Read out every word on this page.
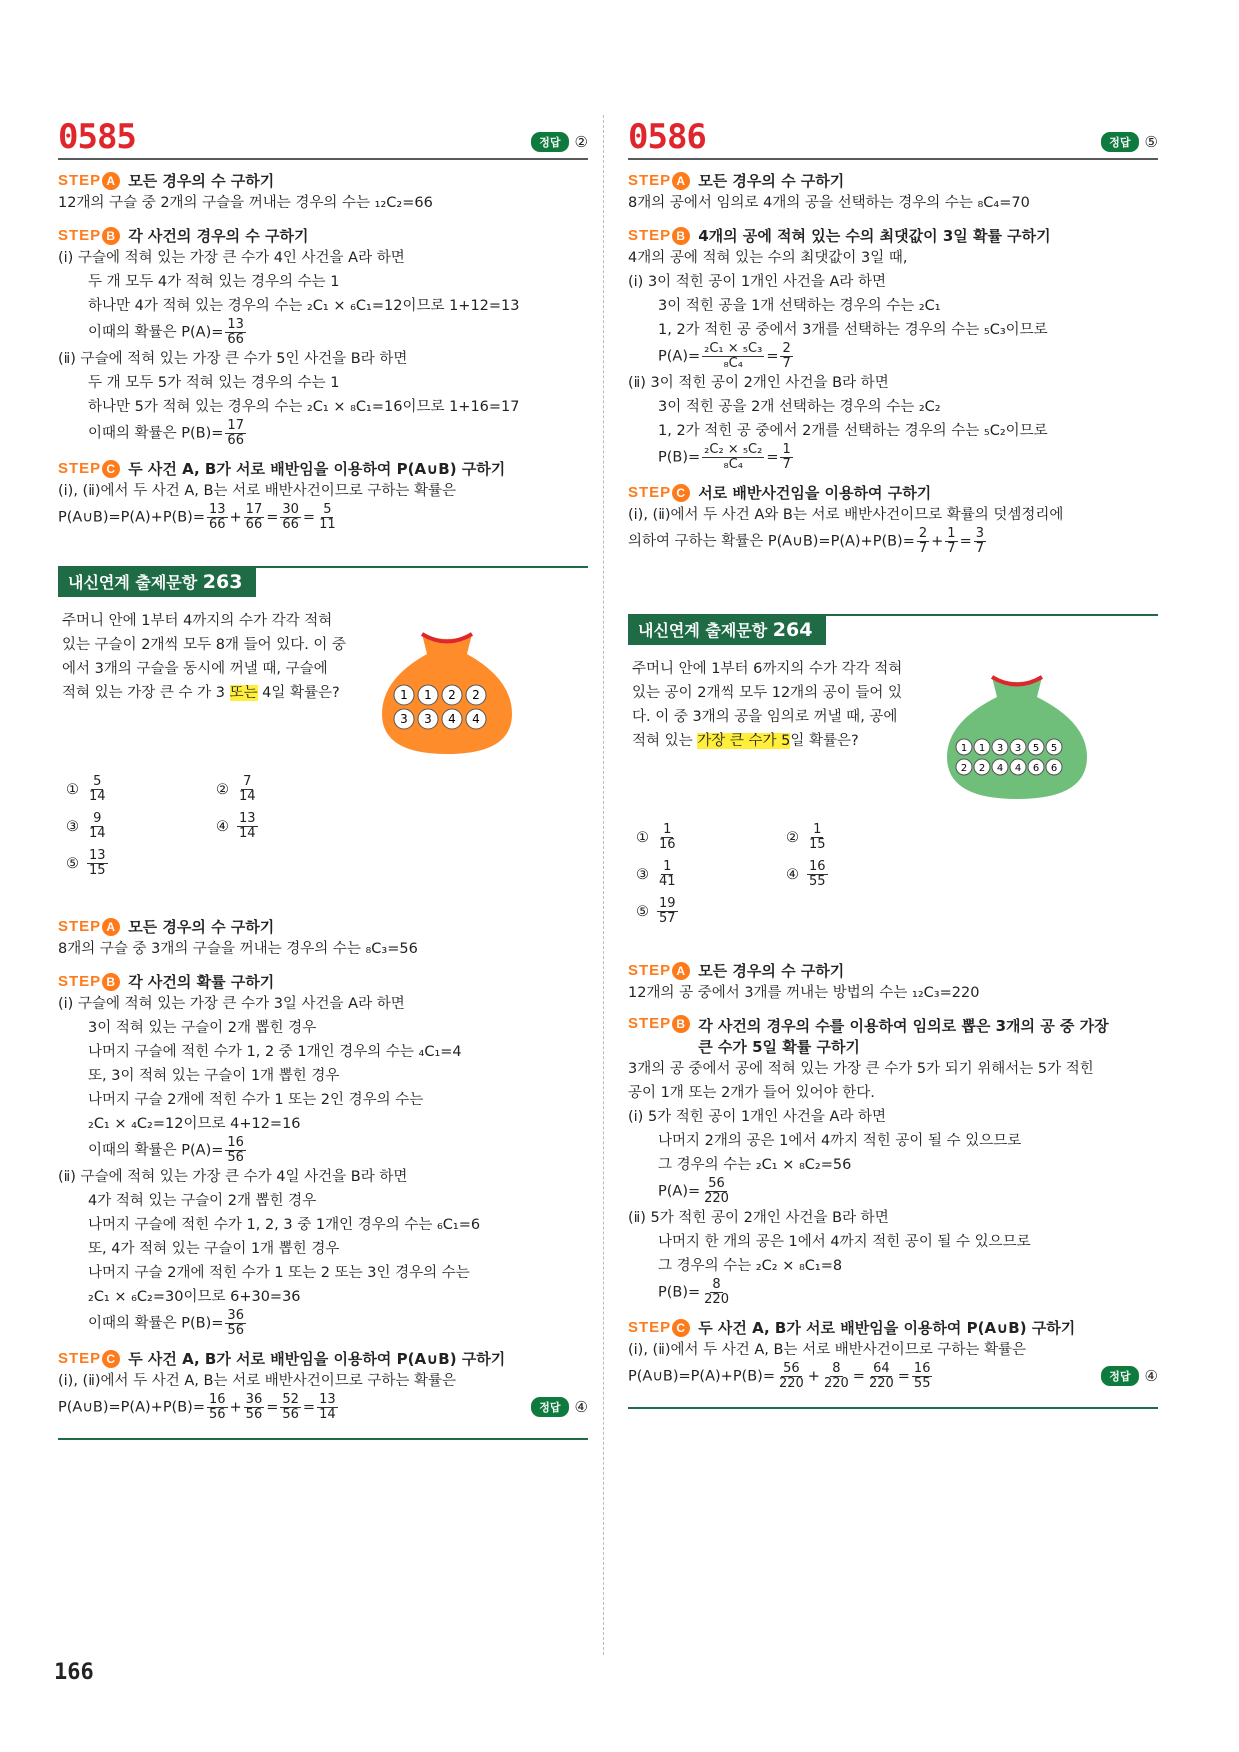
0585	정답 ②
STEP A 모든 경우의 수 구하기

12개의 구슬 중 2개의 구슬을 꺼내는 경우의 수는 ₁₂C₂=66

STEP B 각 사건의 경우의 수 구하기

(ⅰ) 구슬에 적혀 있는 가장 큰 수가 4인 사건을 A라 하면

두 개 모두 4가 적혀 있는 경우의 수는 1

하나만 4가 적혀 있는 경우의 수는 ₂C₁ × ₆C₁=12이므로 1+12=13

이때의 확률은 $P(A)= \frac{13}{66}$

(ⅱ) 구슬에 적혀 있는 가장 큰 수가 5인 사건을 B라 하면

두 개 모두 5가 적혀 있는 경우의 수는 1

하나만 5가 적혀 있는 경우의 수는 ₂C₁ × ₈C₁=16이므로 1+16=17

이때의 확률은 $P(B)= \frac{17}{66}$

STEP C 두 사건 A, B가 서로 배반임을 이용하여 P(A∪B) 구하기

(ⅰ), (ⅱ)에서 두 사건 A, B는 서로 배반사건이므로 구하는 확률은

P(A∪B)=P(A)+P(B)= $\frac{13}{66} + \frac{17}{66} = \frac{30}{66} = \frac{5}{11}$

내신연계 출제문항 263
주머니 안에 1부터 4까지의 수가 각각 적혀
있는 구슬이 2개씩 모두 8개 들어 있다. 이 중
에서 3개의 구슬을 동시에 꺼낼 때, 구슬에
적혀 있는 가장 큰 수 가 3 또는 4일 확률은?	1 1 2 2
3 3 4 4
① $\frac{5}{14}$	② $\frac{7}{14}$
③ $\frac{9}{14}$	④ $\frac{13}{14}$
⑤ $\frac{13}{15}$
STEP A 모든 경우의 수 구하기

8개의 구슬 중 3개의 구슬을 꺼내는 경우의 수는 ₈C₃=56

STEP B 각 사건의 확률 구하기

(ⅰ) 구슬에 적혀 있는 가장 큰 수가 3일 사건을 A라 하면

3이 적혀 있는 구슬이 2개 뽑힌 경우

나머지 구슬에 적힌 수가 1, 2 중 1개인 경우의 수는 ₄C₁=4

또, 3이 적혀 있는 구슬이 1개 뽑힌 경우

나머지 구슬 2개에 적힌 수가 1 또는 2인 경우의 수는

₂C₁ × ₄C₂=12이므로 4+12=16

이때의 확률은 $P(A)= \frac{16}{56}$

(ⅱ) 구슬에 적혀 있는 가장 큰 수가 4일 사건을 B라 하면

4가 적혀 있는 구슬이 2개 뽑힌 경우

나머지 구슬에 적힌 수가 1, 2, 3 중 1개인 경우의 수는 ₆C₁=6

또, 4가 적혀 있는 구슬이 1개 뽑힌 경우

나머지 구슬 2개에 적힌 수가 1 또는 2 또는 3인 경우의 수는

₂C₁ × ₆C₂=30이므로 6+30=36

이때의 확률은 $P(B)= \frac{36}{56}$

STEP C 두 사건 A, B가 서로 배반임을 이용하여 P(A∪B) 구하기

(ⅰ), (ⅱ)에서 두 사건 A, B는 서로 배반사건이므로 구하는 확률은

P(A∪B)=P(A)+P(B)= $\frac{16}{56} + \frac{36}{56} = \frac{52}{56} = \frac{13}{14}$	정답 ④
0586	정답 ⑤
STEP A 모든 경우의 수 구하기

8개의 공에서 임의로 4개의 공을 선택하는 경우의 수는 ₈C₄=70

STEP B 4개의 공에 적혀 있는 수의 최댓값이 3일 확률 구하기

4개의 공에 적혀 있는 수의 최댓값이 3일 때,

(ⅰ) 3이 적힌 공이 1개인 사건을 A라 하면

3이 적힌 공을 1개 선택하는 경우의 수는 ₂C₁

1, 2가 적힌 공 중에서 3개를 선택하는 경우의 수는 ₅C₃이므로

$P(A)= \frac{\text{₂C₁ × ₅C₃}}{\text{₈C₄}} = \frac{2}{7}$

(ⅱ) 3이 적힌 공이 2개인 사건을 B라 하면

3이 적힌 공을 2개 선택하는 경우의 수는 ₂C₂

1, 2가 적힌 공 중에서 2개를 선택하는 경우의 수는 ₅C₂이므로

$P(B)= \frac{\text{₂C₂ × ₅C₂}}{\text{₈C₄}} = \frac{1}{7}$

STEP C 서로 배반사건임을 이용하여 구하기

(ⅰ), (ⅱ)에서 두 사건 A와 B는 서로 배반사건이므로 확률의 덧셈정리에

의하여 구하는 확률은 P(A∪B)=P(A)+P(B)= $\frac{2}{7} + \frac{1}{7} = \frac{3}{7}$

내신연계 출제문항 264
주머니 안에 1부터 6까지의 수가 각각 적혀
있는 공이 2개씩 모두 12개의 공이 들어 있
다. 이 중 3개의 공을 임의로 꺼낼 때, 공에
적혀 있는 가장 큰 수가 5일 확률은?	1 1 3 3 5 5
2 2 4 4 6 6
① $\frac{1}{16}$	② $\frac{1}{15}$
③ $\frac{1}{41}$	④ $\frac{16}{55}$
⑤ $\frac{19}{57}$
STEP A 모든 경우의 수 구하기

12개의 공 중에서 3개를 꺼내는 방법의 수는 ₁₂C₃=220

STEP B 각 사건의 경우의 수를 이용하여 임의로 뽑은 3개의 공 중 가장
큰 수가 5일 확률 구하기

3개의 공 중에서 공에 적혀 있는 가장 큰 수가 5가 되기 위해서는 5가 적힌

공이 1개 또는 2개가 들어 있어야 한다.

(ⅰ) 5가 적힌 공이 1개인 사건을 A라 하면

나머지 2개의 공은 1에서 4까지 적힌 공이 될 수 있으므로

그 경우의 수는 ₂C₁ × ₈C₂=56

$P(A)= \frac{56}{220}$

(ⅱ) 5가 적힌 공이 2개인 사건을 B라 하면

나머지 한 개의 공은 1에서 4까지 적힌 공이 될 수 있으므로

그 경우의 수는 ₂C₂ × ₈C₁=8

$P(B)= \frac{8}{220}$

STEP C 두 사건 A, B가 서로 배반임을 이용하여 P(A∪B) 구하기

(ⅰ), (ⅱ)에서 두 사건 A, B는 서로 배반사건이므로 구하는 확률은

P(A∪B)=P(A)+P(B)= $\frac{56}{220} + \frac{8}{220} = \frac{64}{220} = \frac{16}{55}$	정답 ④
166
